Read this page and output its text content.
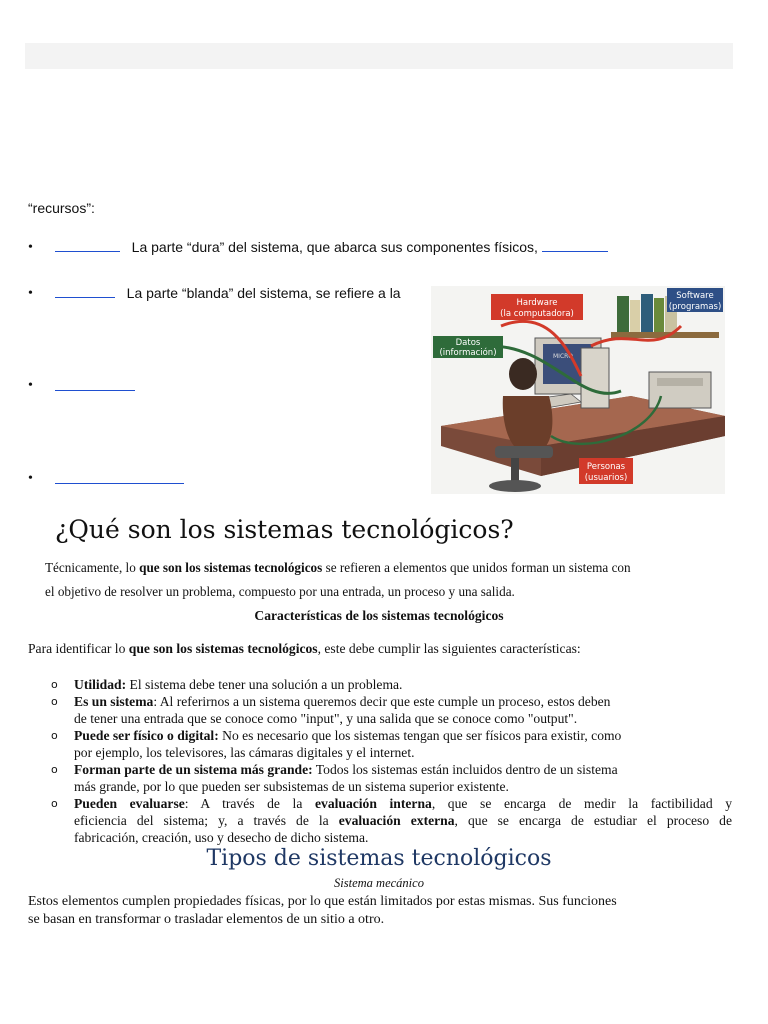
“recursos”:
•	La parte “dura” del sistema, que abarca sus componentes físicos,
•	La parte “blanda” del sistema, se refiere a la
•
•
MICRO
Hardware
(la computadora)
Software
(programas)
Datos
(información)
Personas
(usuarios)
¿Qué son los sistemas tecnológicos?
Técnicamente, lo que son los sistemas tecnológicos se refieren a elementos que unidos forman un sistema con
el objetivo de resolver un problema, compuesto por una entrada, un proceso y una salida.
Características de los sistemas tecnológicos
Para identificar lo que son los sistemas tecnológicos, este debe cumplir las siguientes características:
o Utilidad: El sistema debe tener una solución a un problema.
o Es un sistema: Al referirnos a un sistema queremos decir que este cumple un proceso, estos deben
de tener una entrada que se conoce como "input", y una salida que se conoce como "output".
o Puede ser físico o digital: No es necesario que los sistemas tengan que ser físicos para existir, como
por ejemplo, los televisores, las cámaras digitales y el internet.
o Forman parte de un sistema más grande: Todos los sistemas están incluidos dentro de un sistema
más grande, por lo que pueden ser subsistemas de un sistema superior existente.
o Pueden evaluarse: A través de la evaluación interna, que se encarga de medir la factibilidad y
eficiencia del sistema; y, a través de la evaluación externa, que se encarga de estudiar el proceso de
fabricación, creación, uso y desecho de dicho sistema.
Tipos de sistemas tecnológicos
Sistema mecánico
Estos elementos cumplen propiedades físicas, por lo que están limitados por estas mismas. Sus funciones
se basan en transformar o trasladar elementos de un sitio a otro.
